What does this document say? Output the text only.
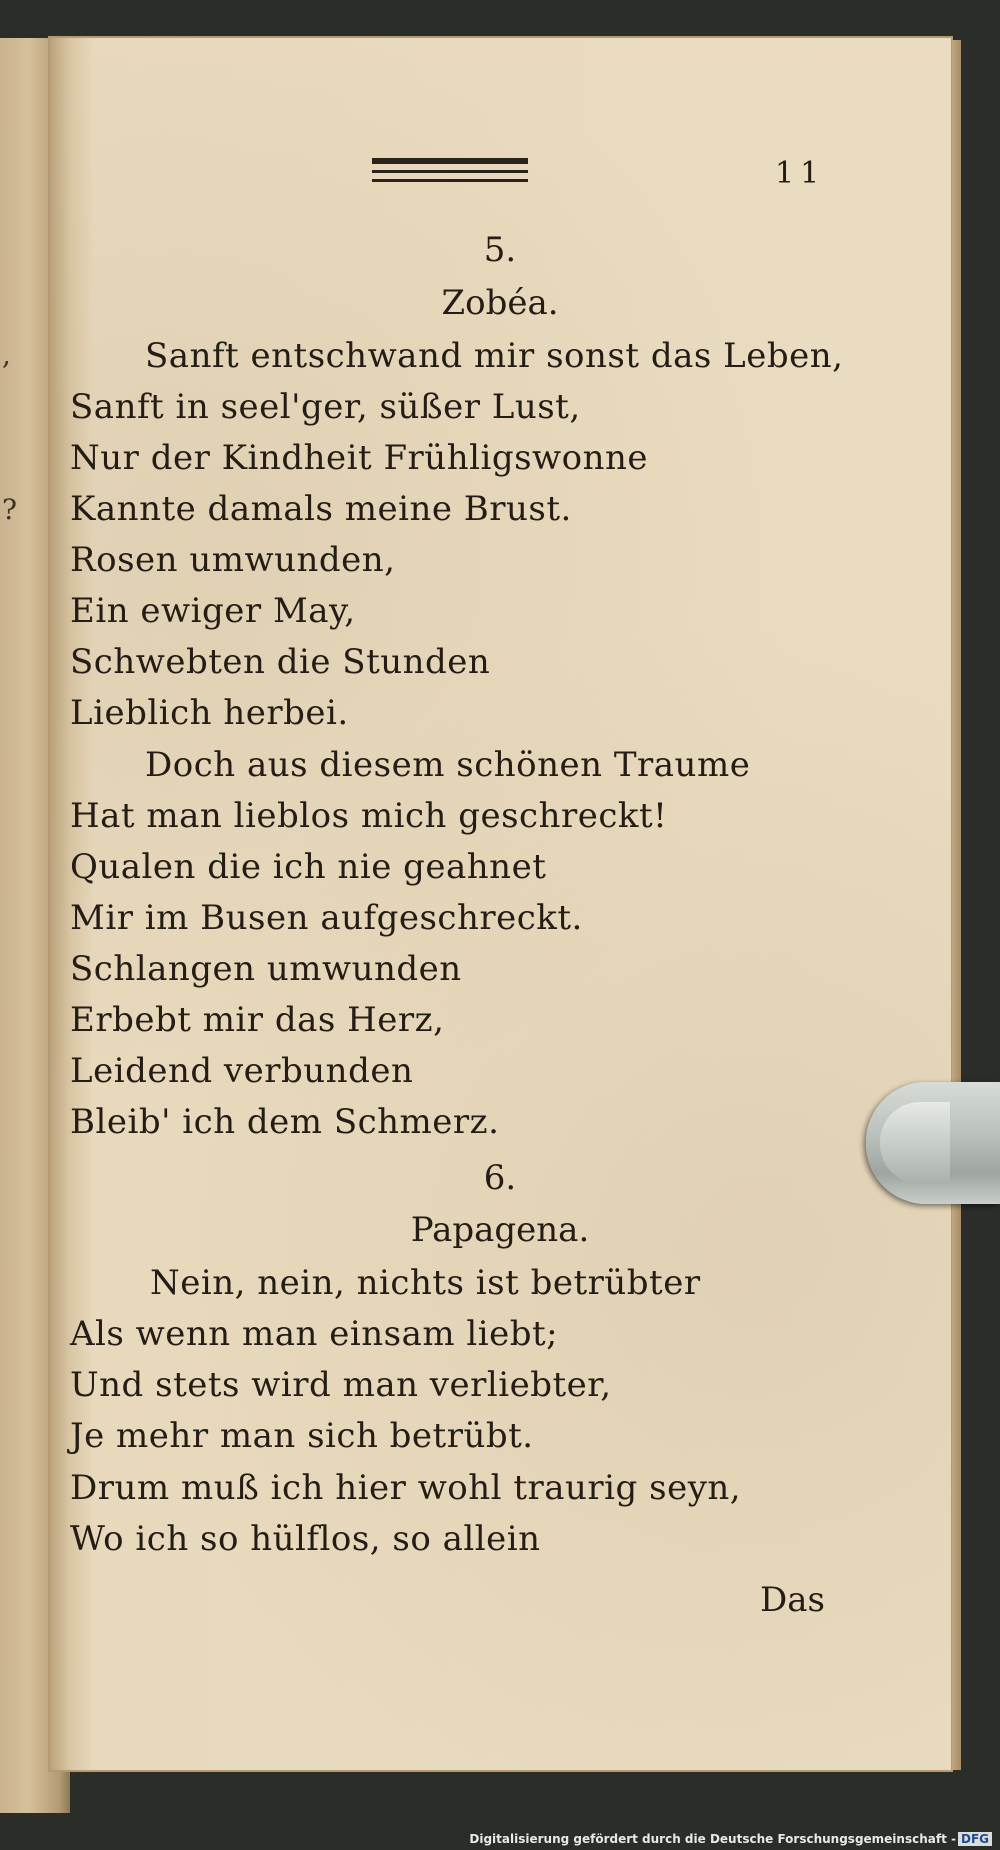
,
?
11
5.
Zobéa.
Sanft entschwand mir sonst das Leben,
Sanft in seel'ger, süßer Lust,
Nur der Kindheit Frühligswonne
Kannte damals meine Brust.
Rosen umwunden,
Ein ewiger May,
Schwebten die Stunden
Lieblich herbei.
Doch aus diesem schönen Traume
Hat man lieblos mich geschreckt!
Qualen die ich nie geahnet
Mir im Busen aufgeschreckt.
Schlangen umwunden
Erbebt mir das Herz,
Leidend verbunden
Bleib' ich dem Schmerz.
6.
Papagena.
Nein, nein, nichts ist betrübter
Als wenn man einsam liebt;
Und stets wird man verliebter,
Je mehr man sich betrübt.
Drum muß ich hier wohl traurig seyn,
Wo ich so hülflos, so allein
Das
Digitalisierung gefördert durch die Deutsche Forschungsgemeinschaft - DFG
